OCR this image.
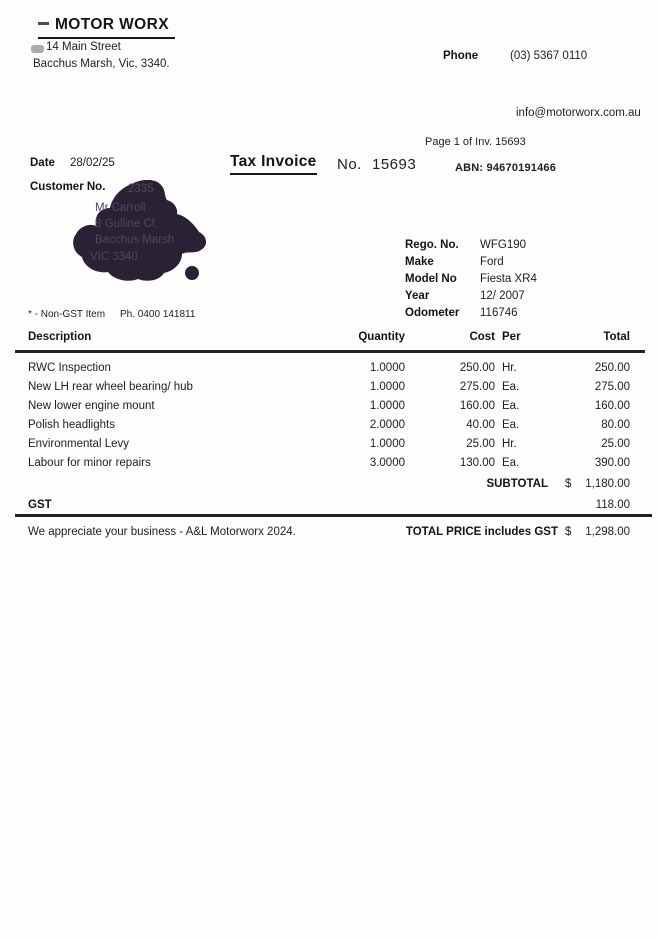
MOTOR WORX
14 Main Street
Bacchus Marsh, Vic, 3340.
Phone	(03) 5367 0110
info@motorworx.com.au
Page 1 of Inv. 15693
Date 28/02/25	Tax Invoice No. 15693	ABN: 94670191466
Customer No. 2335
Mr Carroll
8 Gulline Cl,
Bacchus Marsh
VIC 3340
Rego. No. WFG190
Make	Ford
Model No Fiesta XR4
Year	12/ 2007
Odometer 116746
* - Non-GST Item Ph. 0400 141811
Description	Quantity	Cost Per	Total
RWC Inspection	1.0000	250.00 Hr.	250.00
New LH rear wheel bearing/ hub	1.0000	275.00 Ea.	275.00
New lower engine mount	1.0000	160.00 Ea.	160.00
Polish headlights	2.0000	40.00 Ea.	80.00
Environmental Levy	1.0000	25.00 Hr.	25.00
Labour for minor repairs	3.0000	130.00 Ea.	390.00
SUBTOTAL $	1,180.00
GST	118.00
We appreciate your business - A&L Motorworx 2024.	TOTAL PRICE includes GST $	1,298.00
